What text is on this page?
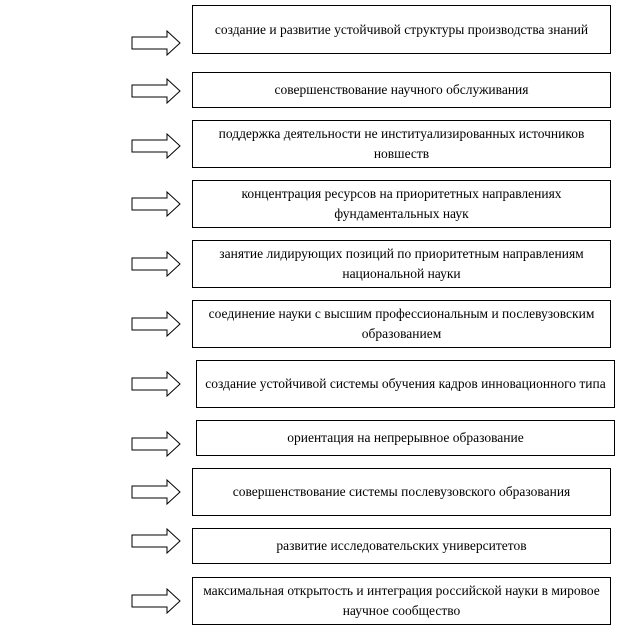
создание и развитие устойчивой структуры производства знаний
совершенствование научного обслуживания
поддержка деятельности не институализированных источников новшеств
концентрация ресурсов на приоритетных направлениях фундаментальных наук
занятие лидирующих позиций по приоритетным направлениям национальной науки
соединение науки с высшим профессиональным и послевузовским образованием
создание устойчивой системы обучения кадров инновационного типа
ориентация на непрерывное образование
совершенствование системы послевузовского образования
развитие исследовательских университетов
максимальная открытость и интеграция российской науки в мировое научное сообщество
